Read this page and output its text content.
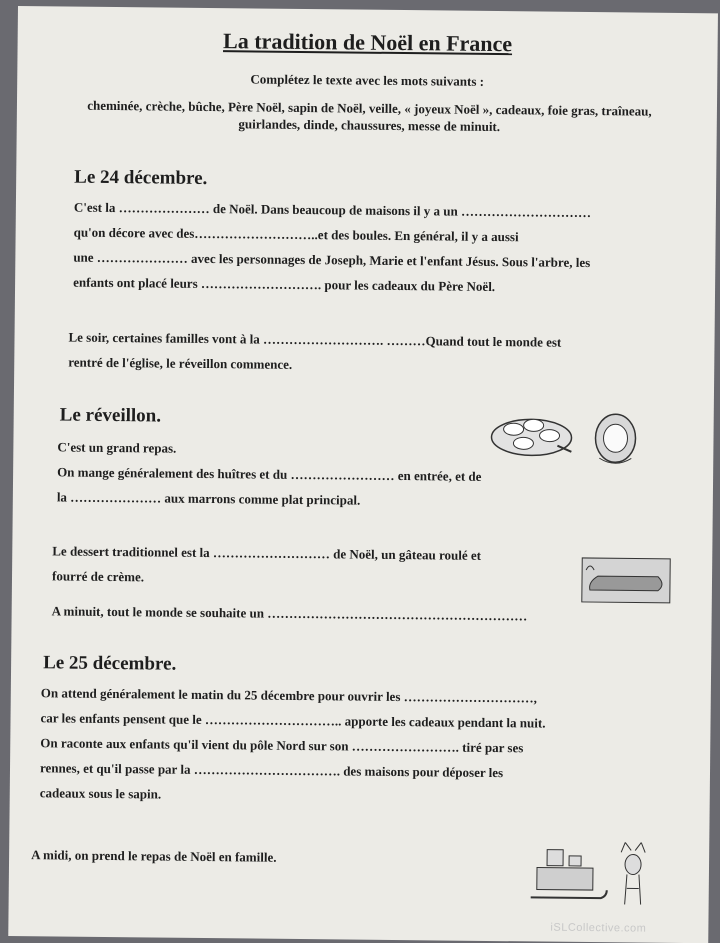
La tradition de Noël en France
Complétez le texte avec les mots suivants :
cheminée, crèche, bûche, Père Noël, sapin de Noël, veille, « joyeux Noël », cadeaux, foie gras, traîneau, guirlandes, dinde, chaussures, messe de minuit.
Le 24 décembre.

C'est la ………………… de Noël. Dans beaucoup de maisons il y a un …………………………

qu'on décore avec des………………………..et des boules. En général, il y a aussi

une ………………… avec les personnages de Joseph, Marie et l'enfant Jésus. Sous l'arbre, les

enfants ont placé leurs ………………………. pour les cadeaux du Père Noël.

Le soir, certaines familles vont à la ………………………. ………Quand tout le monde est

rentré de l'église, le réveillon commence.

Le réveillon.

C'est un grand repas.

On mange généralement des huîtres et du …………………… en entrée, et de

la ………………… aux marrons comme plat principal.

Le dessert traditionnel est la ……………………… de Noël, un gâteau roulé et

fourré de crème.

A minuit, tout le monde se souhaite un ……………………………………………………

Le 25 décembre.

On attend généralement le matin du 25 décembre pour ouvrir les …………………………,

car les enfants pensent que le ………………………….. apporte les cadeaux pendant la nuit.

On raconte aux enfants qu'il vient du pôle Nord sur son ……………………. tiré par ses

rennes, et qu'il passe par la ……………………………. des maisons pour déposer les

cadeaux sous le sapin.

A midi, on prend le repas de Noël en famille.

iSLCollective.com
